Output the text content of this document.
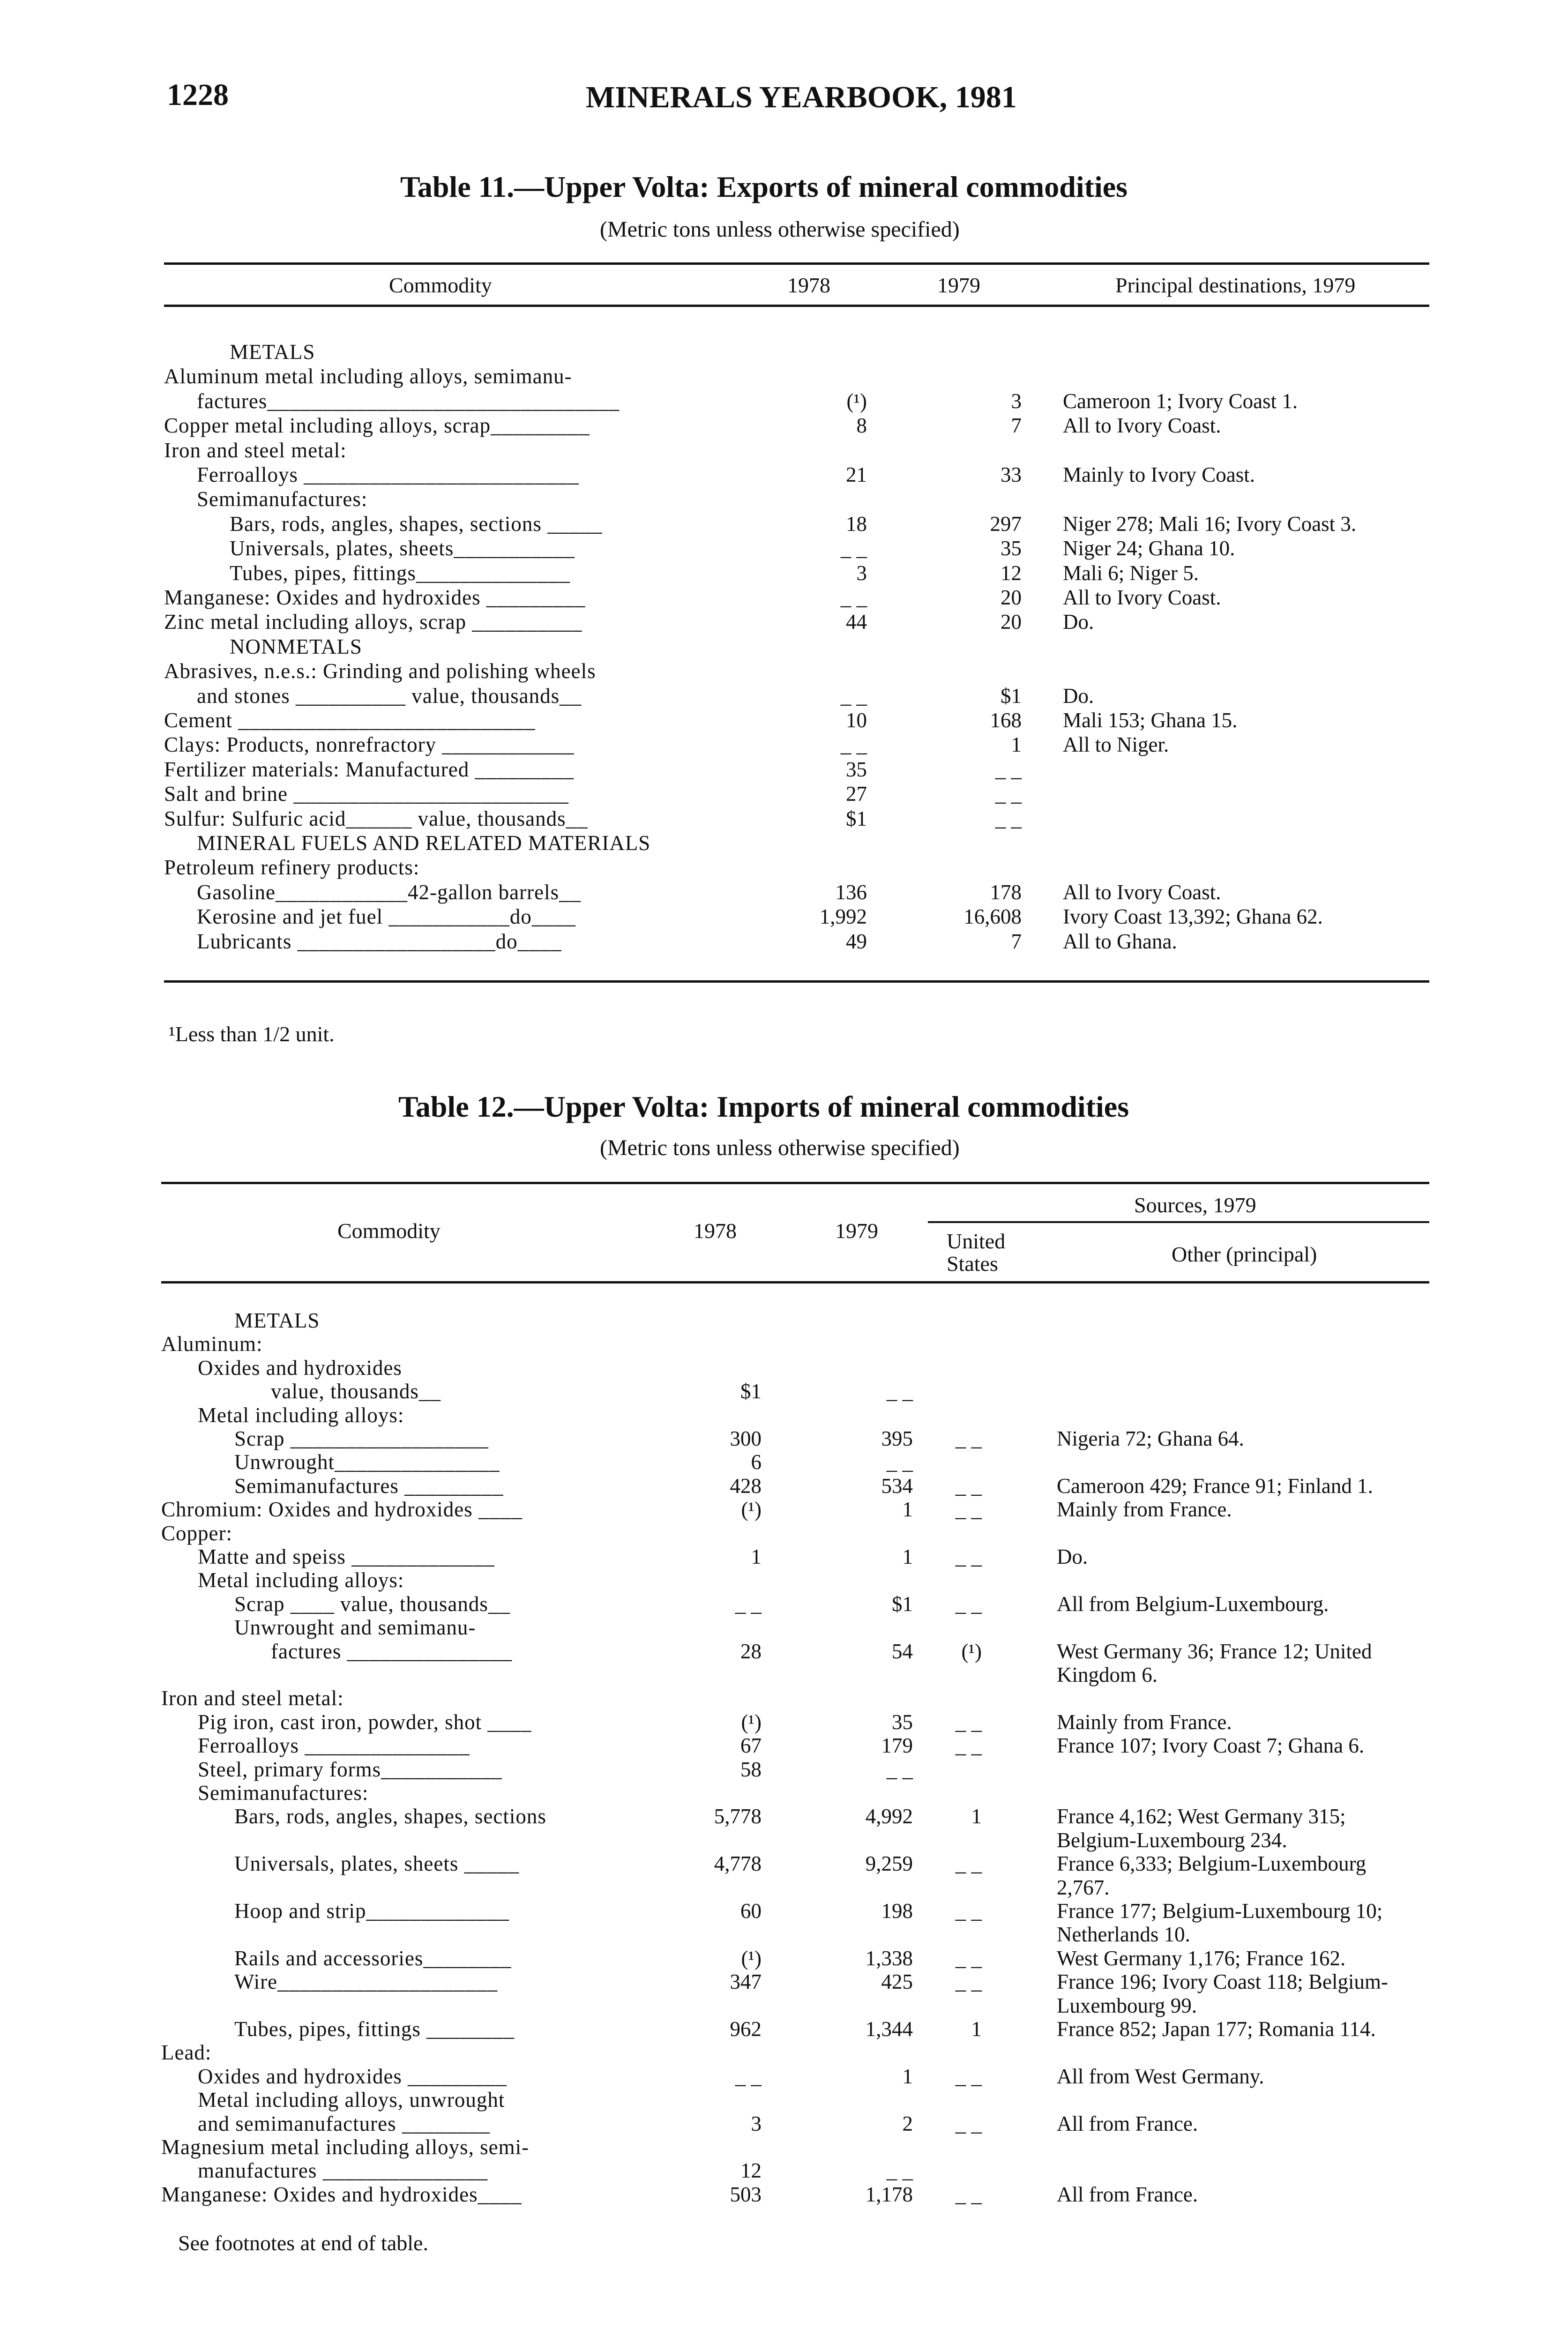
1228	MINERALS YEARBOOK, 1981
Table 11.—Upper Volta: Exports of mineral commodities
(Metric tons unless otherwise specified)
Commodity	1978	1979	Principal destinations, 1979
METALS
Aluminum metal including alloys, semimanu-
factures________________________________	(¹)	3 Cameroon 1; Ivory Coast 1.
Copper metal including alloys, scrap_________	8	7 All to Ivory Coast.
Iron and steel metal:
Ferroalloys _________________________	21	33 Mainly to Ivory Coast.
Semimanufactures:
Bars, rods, angles, shapes, sections _____	18	297 Niger 278; Mali 16; Ivory Coast 3.
Universals, plates, sheets___________	_ _	35 Niger 24; Ghana 10.
Tubes, pipes, fittings______________	3	12 Mali 6; Niger 5.
Manganese: Oxides and hydroxides _________	_ _	20 All to Ivory Coast.
Zinc metal including alloys, scrap __________	44	20 Do.
NONMETALS
Abrasives, n.e.s.: Grinding and polishing wheels
and stones __________ value, thousands__	_ _	$1 Do.
Cement ___________________________	10	168 Mali 153; Ghana 15.
Clays: Products, nonrefractory ____________	_ _	1 All to Niger.
Fertilizer materials: Manufactured _________	35	_ _
Salt and brine _________________________	27	_ _
Sulfur: Sulfuric acid______ value, thousands__	$1	_ _
MINERAL FUELS AND RELATED MATERIALS
Petroleum refinery products:
Gasoline____________42-gallon barrels__	136	178 All to Ivory Coast.
Kerosine and jet fuel ___________do____	1,992	16,608 Ivory Coast 13,392; Ghana 62.
Lubricants __________________do____	49	7 All to Ghana.
¹Less than 1/2 unit.
Table 12.—Upper Volta: Imports of mineral commodities
(Metric tons unless otherwise specified)
Sources, 1979
Commodity	1978	1979	United
States	Other (principal)
METALS
Aluminum:
Oxides and hydroxides
value, thousands__	$1	_ _
Metal including alloys:
Scrap __________________	300	395	_ _	Nigeria 72; Ghana 64.
Unwrought_______________	6	_ _
Semimanufactures _________	428	534	_ _	Cameroon 429; France 91; Finland 1.
Chromium: Oxides and hydroxides ____	(¹)	1	_ _	Mainly from France.
Copper:
Matte and speiss _____________	1	1	_ _	Do.
Metal including alloys:
Scrap ____ value, thousands__	_ _	$1	_ _	All from Belgium-Luxembourg.
Unwrought and semimanu-
factures _______________	28	54	(¹)	West Germany 36; France 12; United
Kingdom 6.
Iron and steel metal:
Pig iron, cast iron, powder, shot ____	(¹)	35	_ _	Mainly from France.
Ferroalloys _______________	67	179	_ _	France 107; Ivory Coast 7; Ghana 6.
Steel, primary forms___________	58	_ _
Semimanufactures:
Bars, rods, angles, shapes, sections	5,778	4,992	1	France 4,162; West Germany 315;
Belgium-Luxembourg 234.
Universals, plates, sheets _____	4,778	9,259	_ _	France 6,333; Belgium-Luxembourg
2,767.
Hoop and strip_____________	60	198	_ _	France 177; Belgium-Luxembourg 10;
Netherlands 10.
Rails and accessories________	(¹)	1,338	_ _	West Germany 1,176; France 162.
Wire____________________	347	425	_ _	France 196; Ivory Coast 118; Belgium-
Luxembourg 99.
Tubes, pipes, fittings ________	962	1,344	1	France 852; Japan 177; Romania 114.
Lead:
Oxides and hydroxides _________	_ _	1	_ _	All from West Germany.
Metal including alloys, unwrought
and semimanufactures ________	3	2	_ _	All from France.
Magnesium metal including alloys, semi-
manufactures _______________	12	_ _
Manganese: Oxides and hydroxides____	503	1,178	_ _	All from France.
See footnotes at end of table.
